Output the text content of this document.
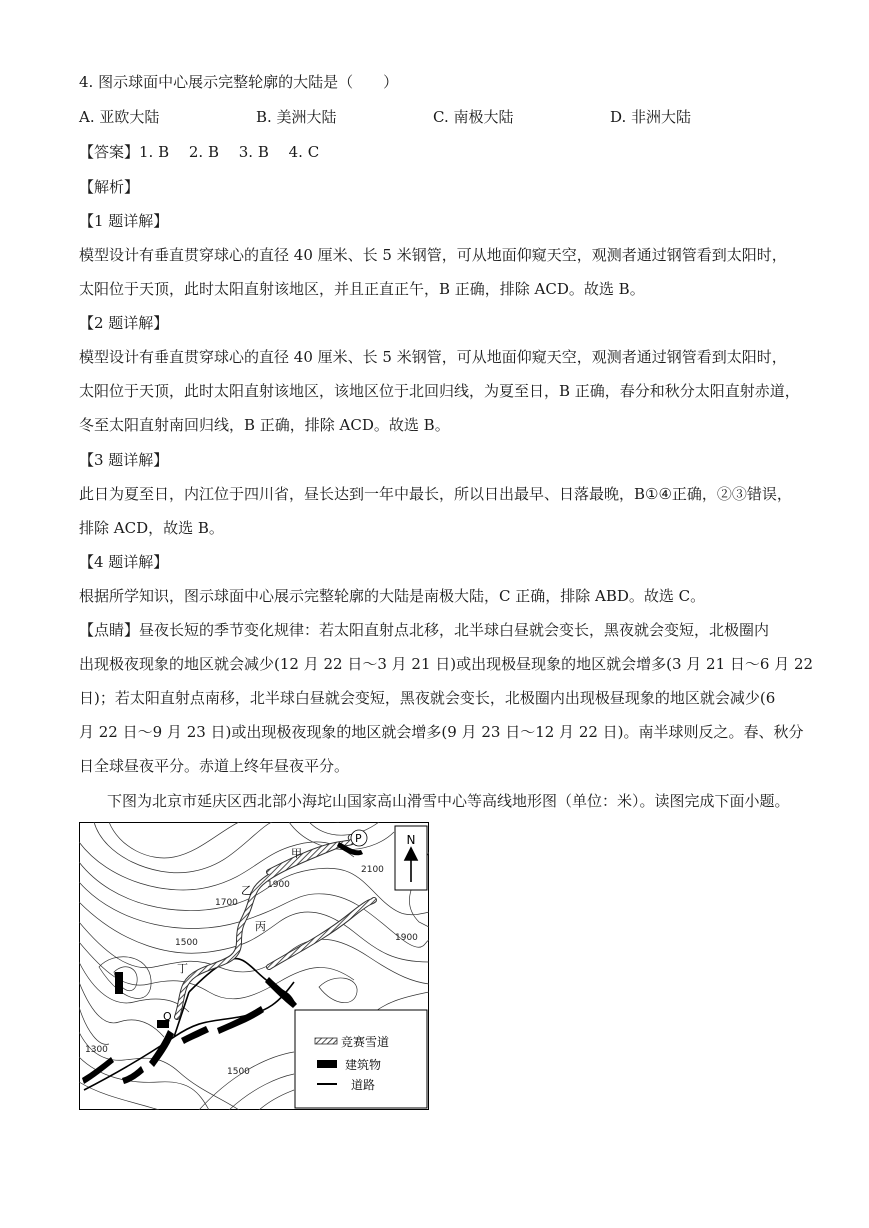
4. 图示球面中心展示完整轮廓的大陆是（　　）
A. 亚欧大陆	B. 美洲大陆	C. 南极大陆	D. 非洲大陆
【答案】1. B　 2. B　 3. B　 4. C
【解析】
【1 题详解】
模型设计有垂直贯穿球心的直径 40 厘米、长 5 米钢管，可从地面仰窥天空，观测者通过钢管看到太阳时，
太阳位于天顶，此时太阳直射该地区，并且正直正午，B 正确，排除 ACD。故选 B。
【2 题详解】
模型设计有垂直贯穿球心的直径 40 厘米、长 5 米钢管，可从地面仰窥天空，观测者通过钢管看到太阳时，
太阳位于天顶，此时太阳直射该地区，该地区位于北回归线，为夏至日，B 正确，春分和秋分太阳直射赤道，
冬至太阳直射南回归线，B 正确，排除 ACD。故选 B。
【3 题详解】
此日为夏至日，内江位于四川省，昼长达到一年中最长，所以日出最早、日落最晚，B①④正确，②③错误，
排除 ACD，故选 B。
【4 题详解】
根据所学知识，图示球面中心展示完整轮廓的大陆是南极大陆，C 正确，排除 ABD。故选 C。
【点睛】昼夜长短的季节变化规律：若太阳直射点北移，北半球白昼就会变长，黑夜就会变短，北极圈内
出现极夜现象的地区就会减少(12 月 22 日～3 月 21 日)或出现极昼现象的地区就会增多(3 月 21 日～6 月 22
日)；若太阳直射点南移，北半球白昼就会变短，黑夜就会变长，北极圈内出现极昼现象的地区就会减少(6
月 22 日～9 月 23 日)或出现极夜现象的地区就会增多(9 月 23 日～12 月 22 日)。南半球则反之。春、秋分
日全球昼夜平分。赤道上终年昼夜平分。
下图为北京市延庆区西北部小海坨山国家高山滑雪中心等高线地形图（单位：米）。读图完成下面小题。
N
2100
1900
1700
1500	1900
1300
1500
P
甲
乙
丙
丁
Q
竞赛雪道
建筑物
道路
